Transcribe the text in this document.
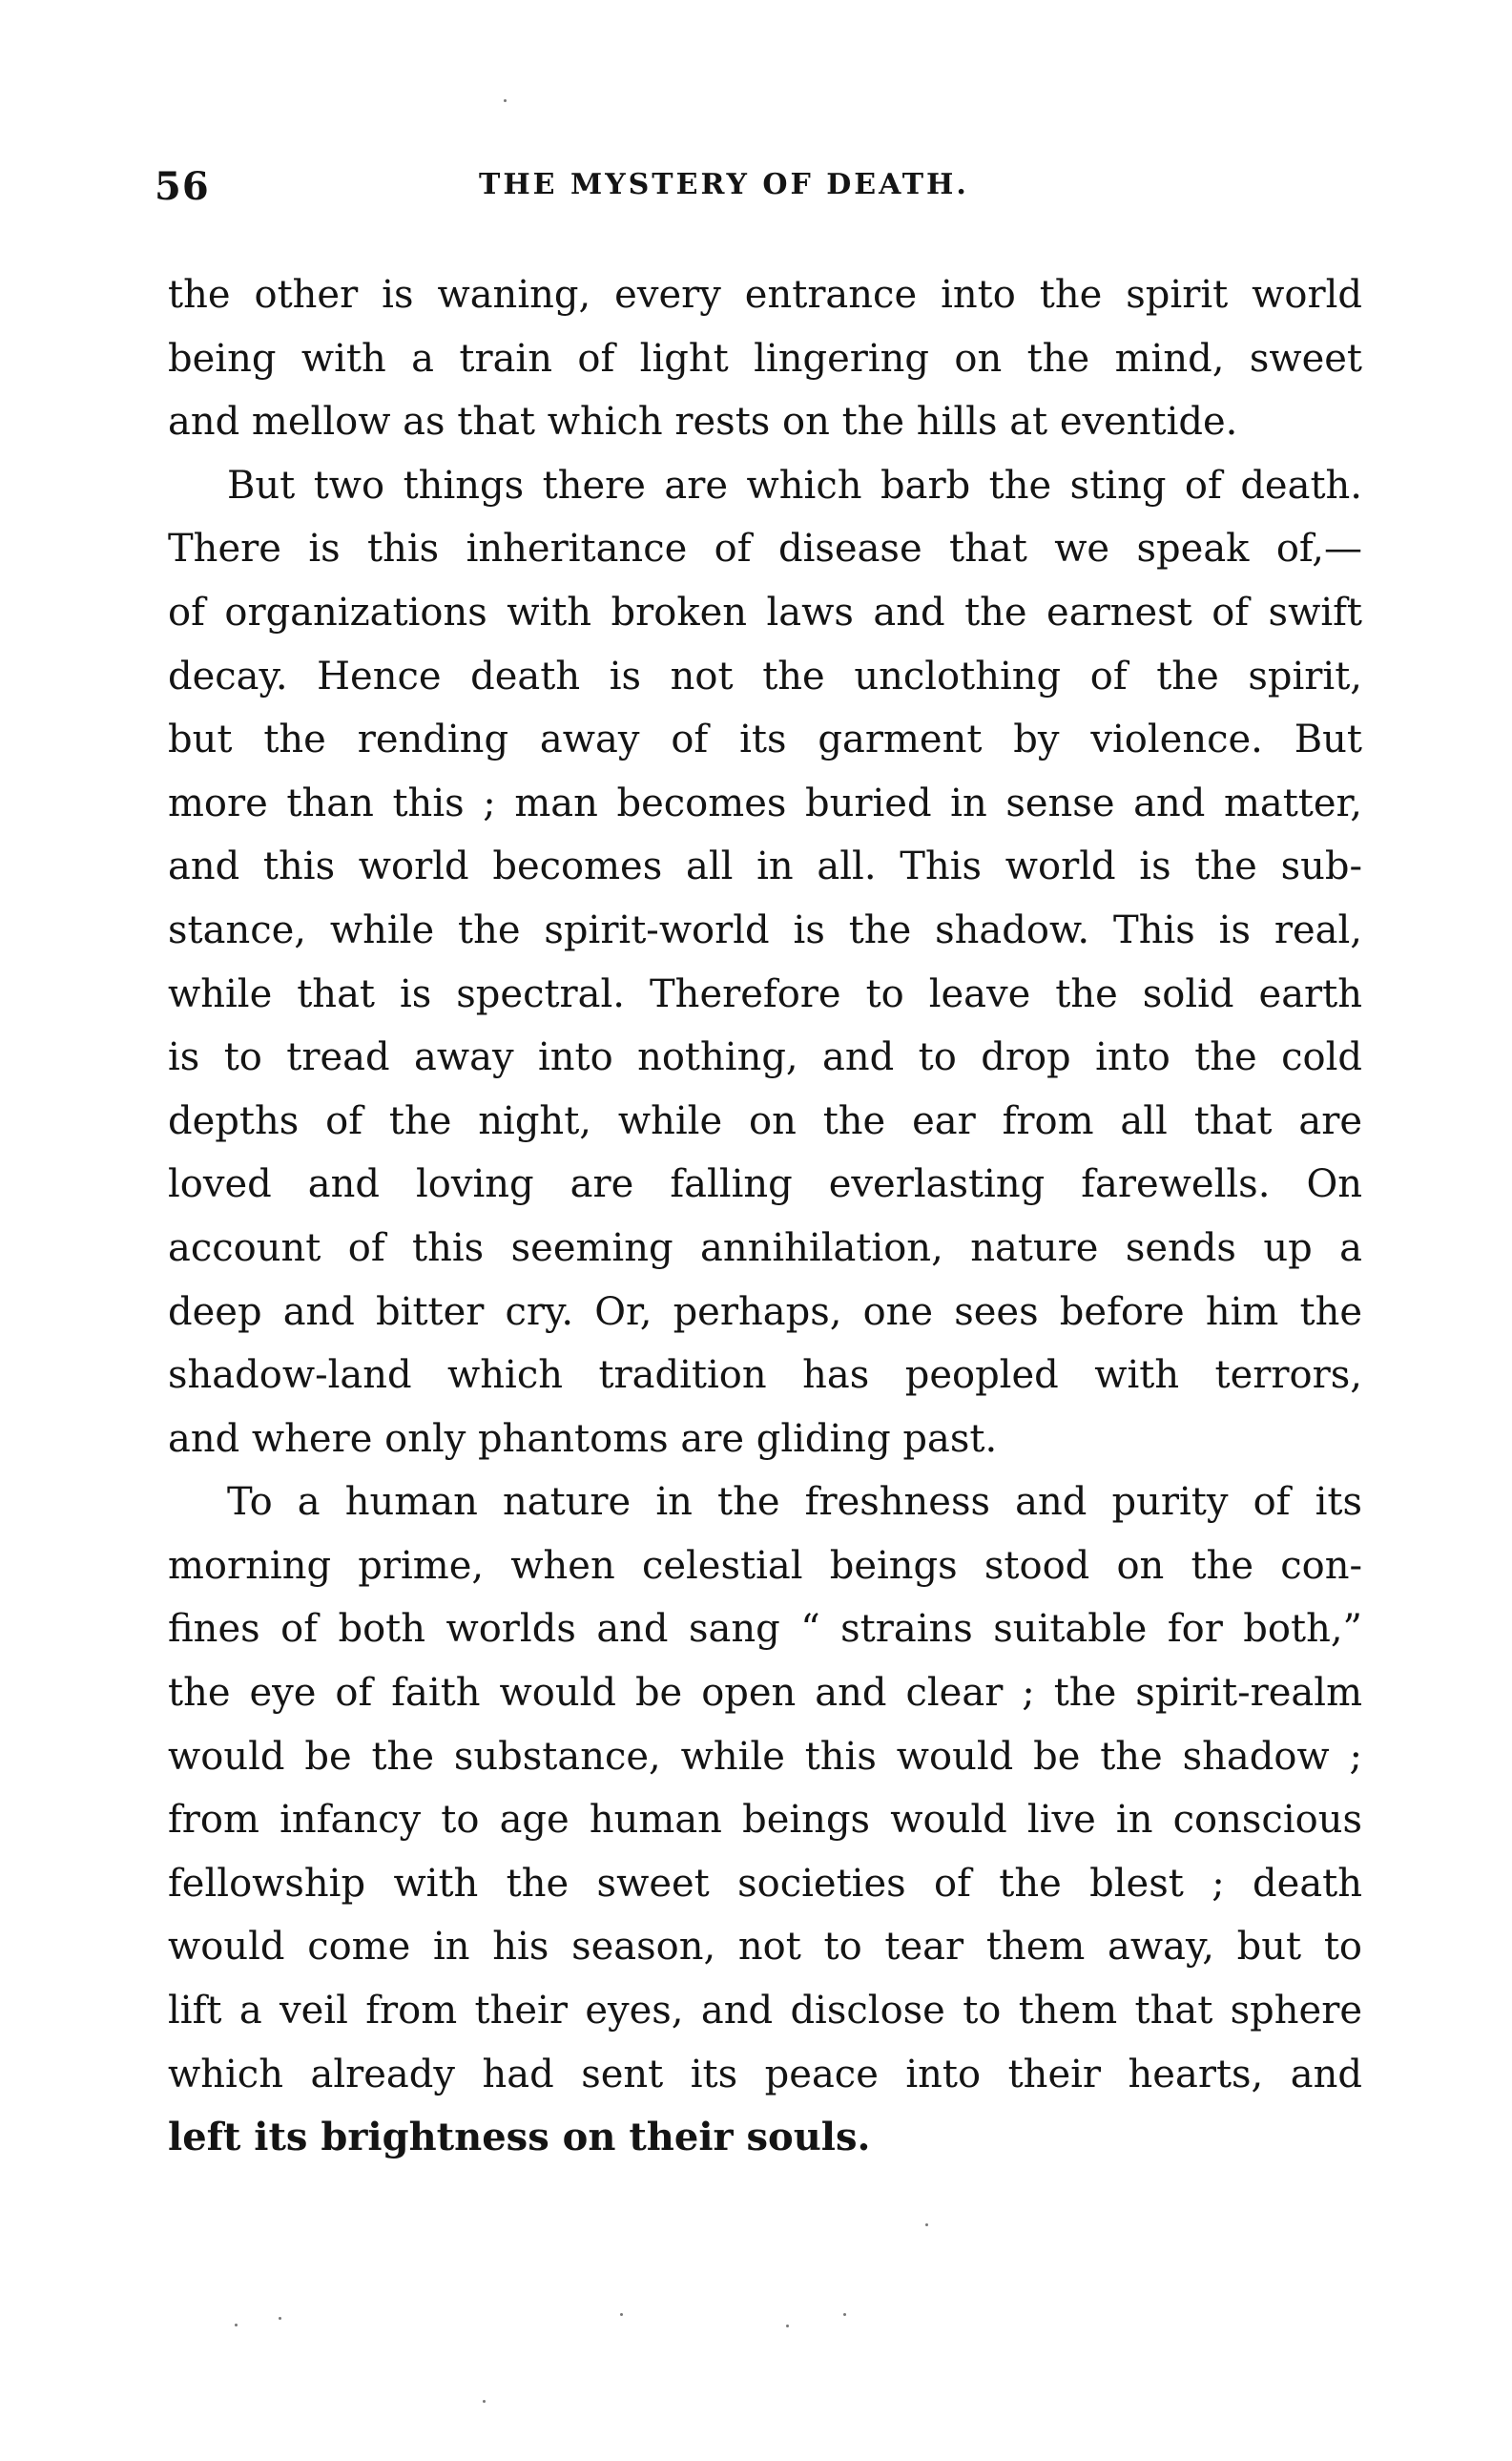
56	THE MYSTERY OF DEATH.
the other is waning, every entrance into the spirit world
being with a train of light lingering on the mind, sweet
and mellow as that which rests on the hills at eventide.
But two things there are which barb the sting of death.
There is this inheritance of disease that we speak of,—
of organizations with broken laws and the earnest of swift
decay. Hence death is not the unclothing of the spirit,
but the rending away of its garment by violence. But
more than this ; man becomes buried in sense and matter,
and this world becomes all in all. This world is the sub-
stance, while the spirit-world is the shadow. This is real,
while that is spectral. Therefore to leave the solid earth
is to tread away into nothing, and to drop into the cold
depths of the night, while on the ear from all that are
loved and loving are falling everlasting farewells. On
account of this seeming annihilation, nature sends up a
deep and bitter cry. Or, perhaps, one sees before him the
shadow-land which tradition has peopled with terrors,
and where only phantoms are gliding past.
To a human nature in the freshness and purity of its
morning prime, when celestial beings stood on the con-
fines of both worlds and sang “ strains suitable for both,”
the eye of faith would be open and clear ; the spirit-realm
would be the substance, while this would be the shadow ;
from infancy to age human beings would live in conscious
fellowship with the sweet societies of the blest ; death
would come in his season, not to tear them away, but to
lift a veil from their eyes, and disclose to them that sphere
which already had sent its peace into their hearts, and
left its brightness on their souls.
